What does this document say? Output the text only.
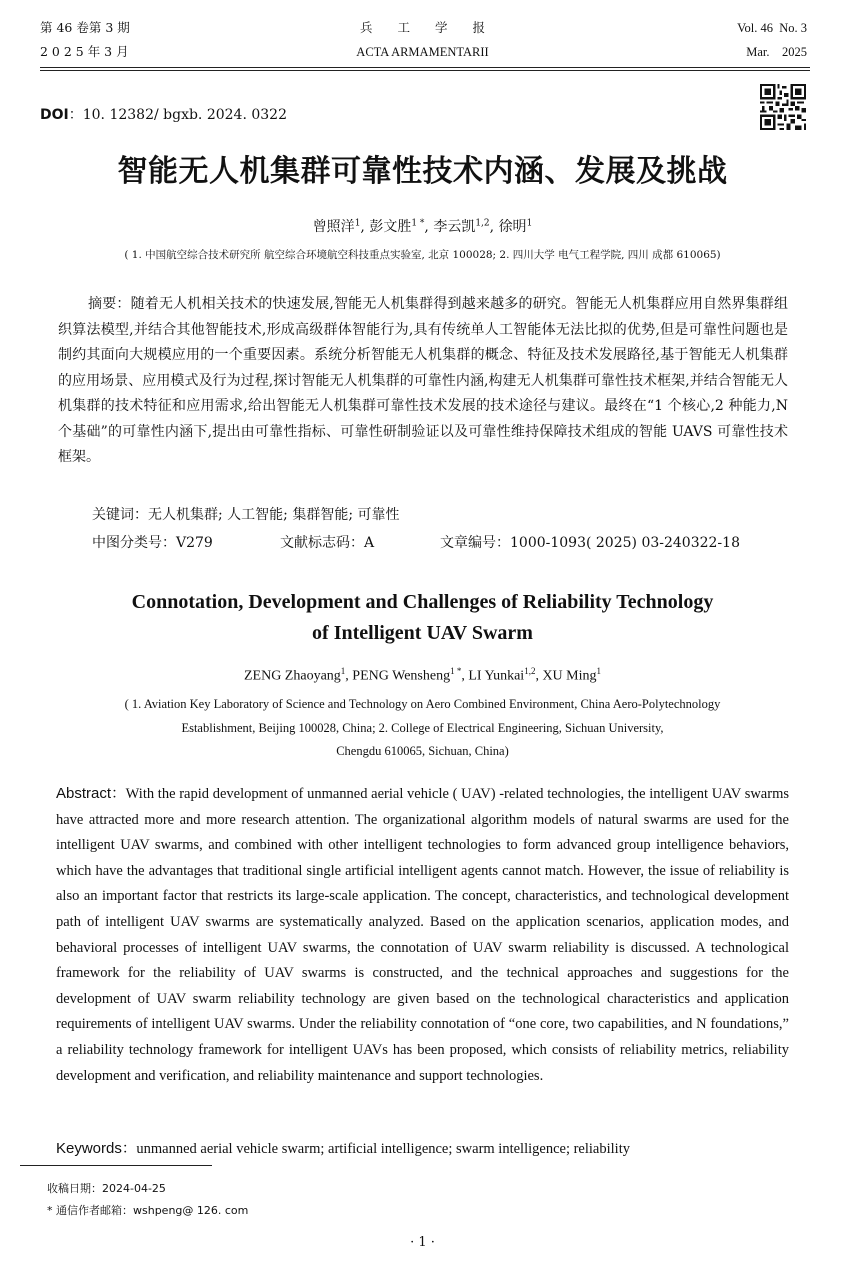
第 46 卷第 3 期
2 0 2 5 年 3 月
兵　　工　　学　　报
ACTA ARMAMENTARII
Vol. 46  No. 3
Mar.    2025
DOI：10. 12382/ bgxb. 2024. 0322
智能无人机集群可靠性技术内涵、发展及挑战
曾照洋$^1$, 彭文胜$^{1 *}$, 李云凯$^{1,2}$, 徐明$^1$
( 1. 中国航空综合技术研究所 航空综合环境航空科技重点实验室, 北京 100028; 2. 四川大学 电气工程学院, 四川 成都 610065)

摘要：随着无人机相关技术的快速发展,智能无人机集群得到越来越多的研究。智能无人机集群应用自然界集群组织算法模型,并结合其他智能技术,形成高级群体智能行为,具有传统单人工智能体无法比拟的优势,但是可靠性问题也是制约其面向大规模应用的一个重要因素。系统分析智能无人机集群的概念、特征及技术发展路径,基于智能无人机集群的应用场景、应用模式及行为过程,探讨智能无人机集群的可靠性内涵,构建无人机集群可靠性技术框架,并结合智能无人机集群的技术特征和应用需求,给出智能无人机集群可靠性技术发展的技术途径与建议。最终在“1 个核心,2 种能力,N 个基础”的可靠性内涵下,提出由可靠性指标、可靠性研制验证以及可靠性维持保障技术组成的智能 UAVS 可靠性技术框架。

关键词：无人机集群; 人工智能; 集群智能; 可靠性
中图分类号：V279	文献标志码：A	文章编号：1000-1093( 2025) 03-240322-18
Connotation, Development and Challenges of Reliability Technology
of Intelligent UAV Swarm
ZENG Zhaoyang$^1$, PENG Wensheng$^{1 *}$, LI Yunkai$^{1,2}$, XU Ming$^1$
( 1. Aviation Key Laboratory of Science and Technology on Aero Combined Environment, China Aero-Polytechnology
Establishment, Beijing 100028, China; 2. College of Electrical Engineering, Sichuan University,
Chengdu 610065, Sichuan, China)
Abstract：With the rapid development of unmanned aerial vehicle ( UAV) -related technologies, the intelligent UAV swarms have attracted more and more research attention. The organizational algorithm models of natural swarms are used for the intelligent UAV swarms, and combined with other intelligent technologies to form advanced group intelligence behaviors, which have the advantages that traditional single artificial intelligent agents cannot match. However, the issue of reliability is also an important factor that restricts its large-scale application. The concept, characteristics, and technological development path of intelligent UAV swarms are systematically analyzed. Based on the application scenarios, application modes, and behavioral processes of intelligent UAV swarms, the connotation of UAV swarm reliability is discussed. A technological framework for the reliability of UAV swarms is constructed, and the technical approaches and suggestions for the development of UAV swarm reliability technology are given based on the technological characteristics and application requirements of intelligent UAV swarms. Under the reliability connotation of “one core, two capabilities, and N foundations,” a reliability technology framework for intelligent UAVs has been proposed, which consists of reliability metrics, reliability development and verification, and reliability maintenance and support technologies.
Keywords：unmanned aerial vehicle swarm; artificial intelligence; swarm intelligence; reliability
收稿日期：2024-04-25
* 通信作者邮箱：wshpeng@ 126. com
· 1 ·
